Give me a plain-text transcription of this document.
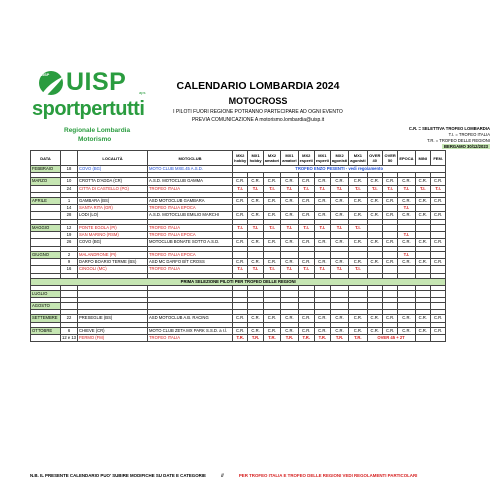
UISP UISP	aps
sportpertutti
Regionale Lombardia
Motorismo
CALENDARIO LOMBARDIA 2024
MOTOCROSS
I PILOTI FUORI REGIONE POTRANNO PARTECIPARE AD OGNI EVENTO
PREVIA COMUNICAZIONE A motorismo.lombardia@uisp.it
C.R. = SELETTIVA TROFEO LOMBARDIA
T.I. = TROFEO ITALIA
T.R. = TROFEO DELLE REGIONI
BERGAMO 30/12/2023
DATA		LOCALITÀ	MOTOCLUB	MX2 hobby	MX1 hobby	MX2 amatori	MX1 amatori	MX2 esperti	MX1 esperti	MX2 agonisti	MX1 agonisti	OVER 40	OVER 50	EPOCA	MINI	FEM.
FEBBRAIO	18	COVO (BG)	MOTO CLUB MXE.45 A.S.D.	TROFEO ENZO PESENTI - vedi regolamento												

MARZO	10	CROTTA D'ADDA (CR)	A.S.D. MOTOCLUB GAMMA	C.R.	C.R.	C.R.	C.R.	C.R.	C.R.	C.R.	C.R.	C.R.	C.R.	C.R.	C.R.	C.R.
	24	CITTA DI CASTELLO (PG)	TROFEO ITALIA	T.I.	T.I.	T.I.	T.I.	T.I.	T.I.	T.I.	T.I.	T.I.	T.I.	T.I.	T.I.	T.I.

APRILE	1	GAMBARA (BS)	ASD MOTOCLUB GAMBARA	C.R.	C.R.	C.R.	C.R.	C.R.	C.R.	C.R.	C.R.	C.R.	C.R.	C.R.	C.R.	C.R.
	14	SANTA RITA (GR)	TROFEO ITALIA EPOCA											T.I.		
	28	LODI (LO)	A.S.D. MOTOCLUB EMILIO MARCHI	C.R.	C.R.	C.R.	C.R.	C.R.	C.R.	C.R.	C.R.	C.R.	C.R.	C.R.	C.R.	C.R.

MAGGIO	12	PONTE EGOLA (PI)	TROFEO ITALIA	T.I.	T.I.	T.I.	T.I.	T.I.	T.I.	T.I.	T.I.					
	19	SAN MARINO (RSM)	TROFEO ITALIA EPOCA											T.I.		
	26	COVO (BG)	MOTOCLUB BONATE SOTTO A.S.D.	C.R.	C.R.	C.R.	C.R.	C.R.	C.R.	C.R.	C.R.	C.R.	C.R.	C.R.	C.R.	C.R.

GIUGNO	2	MALANDRONE (PI)	TROFEO ITALIA EPOCA											T.I.		
	9	DARFO BOARIO TERME (BS)	ASD MC DARFO B/T CROSS	C.R.	C.R.	C.R.	C.R.	C.R.	C.R.	C.R.	C.R.	C.R.	C.R.	C.R.	C.R.	C.R.
	16	CINGOLI (MC)	TROFEO ITALIA	T.I.	T.I.	T.I.	T.I.	T.I.	T.I.	T.I.	T.I.					

PRIMA SELEZIONE PILOTI PER TROFEO DELLE REGIONI																

LUGLIO																

AGOSTO																

SETTEMBRE	22	PRESEGLIE (BS)	ASD MOTOCLUB A.B. RACING	C.R.	C.R.	C.R.	C.R.	C.R.	C.R.	C.R.	C.R.	C.R.	C.R.	C.R.	C.R.	C.R.

OTTOBRE	6	CHIEVE (CR)	MOTO CLUB ZETA MX PARK S.S.D. a r.l.	C.R.	C.R.	C.R.	C.R.	C.R.	C.R.	C.R.	C.R.	C.R.	C.R.	C.R.	C.R.	C.R.
	12 e 13	FERMO (FM)	TROFEO ITALIA	T.R.	T.R.	T.R.	T.R.	T.R.	T.R.	T.R.	T.R.	OVER 45 + 2T				
N.B. IL PRESENTE CALENDARIO PUO' SUBIRE MODIFICHE SU DATE E CATEGORIE	//	PER TROFEO ITALIA E TROFEO DELLE REGIONI VEDI REGOLAMENTI PARTICOLARI
